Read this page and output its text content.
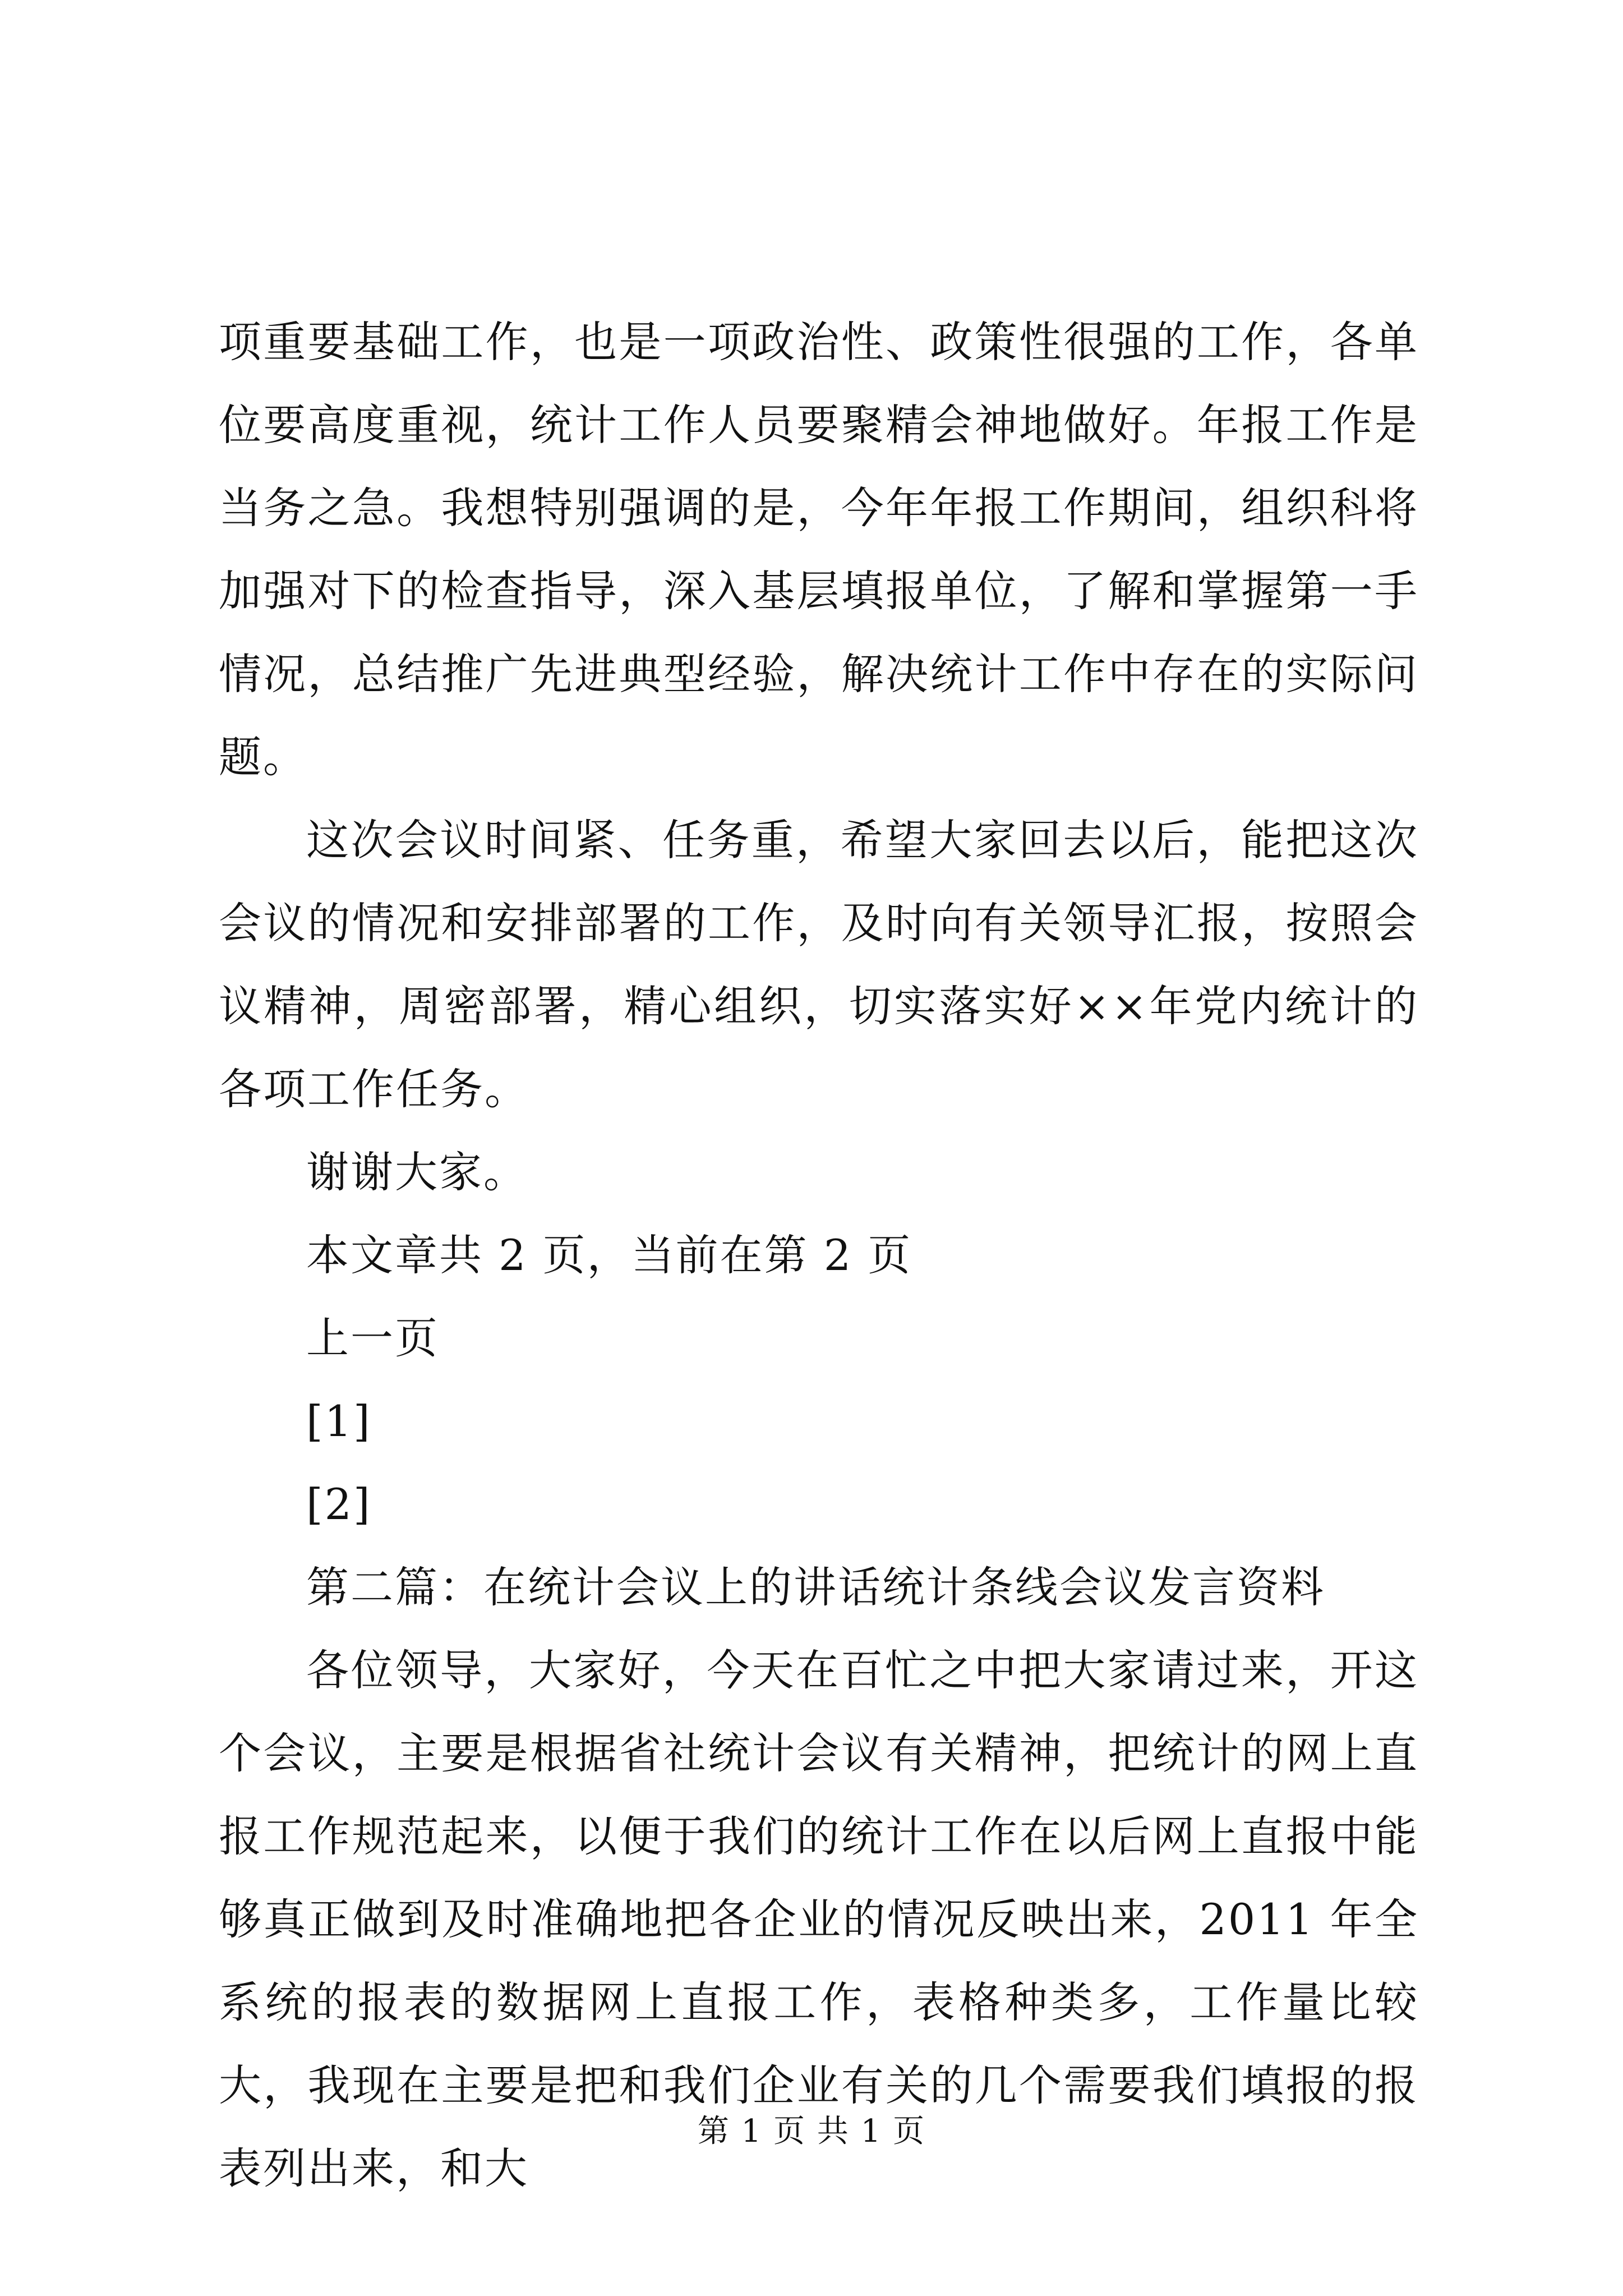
项重要基础工作，也是一项政治性、政策性很强的工作，各单位要高度重视，统计工作人员要聚精会神地做好。年报工作是当务之急。我想特别强调的是，今年年报工作期间，组织科将加强对下的检查指导，深入基层填报单位，了解和掌握第一手情况，总结推广先进典型经验，解决统计工作中存在的实际问题。

这次会议时间紧、任务重，希望大家回去以后，能把这次会议的情况和安排部署的工作，及时向有关领导汇报，按照会议精神，周密部署，精心组织，切实落实好××年党内统计的各项工作任务。

谢谢大家。

本文章共 2 页，当前在第 2 页

上一页

[1]

[2]

第二篇：在统计会议上的讲话统计条线会议发言资料

各位领导，大家好，今天在百忙之中把大家请过来，开这个会议，主要是根据省社统计会议有关精神，把统计的网上直报工作规范起来，以便于我们的统计工作在以后网上直报中能够真正做到及时准确地把各企业的情况反映出来，2011 年全系统的报表的数据网上直报工作，表格种类多，工作量比较大，我现在主要是把和我们企业有关的几个需要我们填报的报表列出来，和大

第 1 页 共 1 页
